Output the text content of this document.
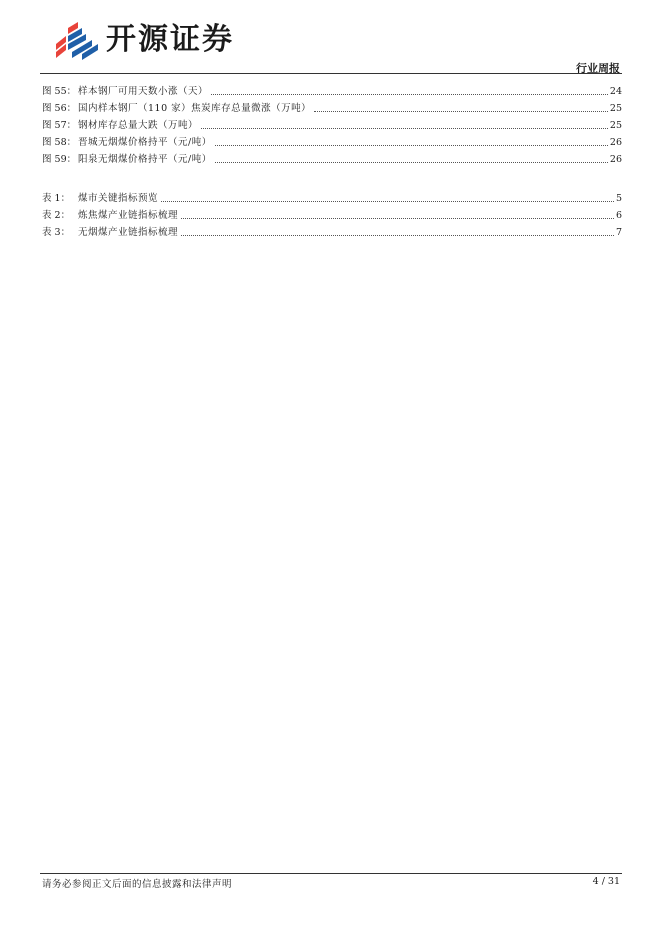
开源证券
行业周报
图 55： 样本钢厂可用天数小涨（天）	24
图 56： 国内样本钢厂（110 家）焦炭库存总量微涨（万吨）	25
图 57： 钢材库存总量大跌（万吨）	25
图 58： 晋城无烟煤价格持平（元/吨）	26
图 59： 阳泉无烟煤价格持平（元/吨）	26
表 1： 煤市关键指标预览	5
表 2： 炼焦煤产业链指标梳理	6
表 3： 无烟煤产业链指标梳理	7
请务必参阅正文后面的信息披露和法律声明	4 / 31
